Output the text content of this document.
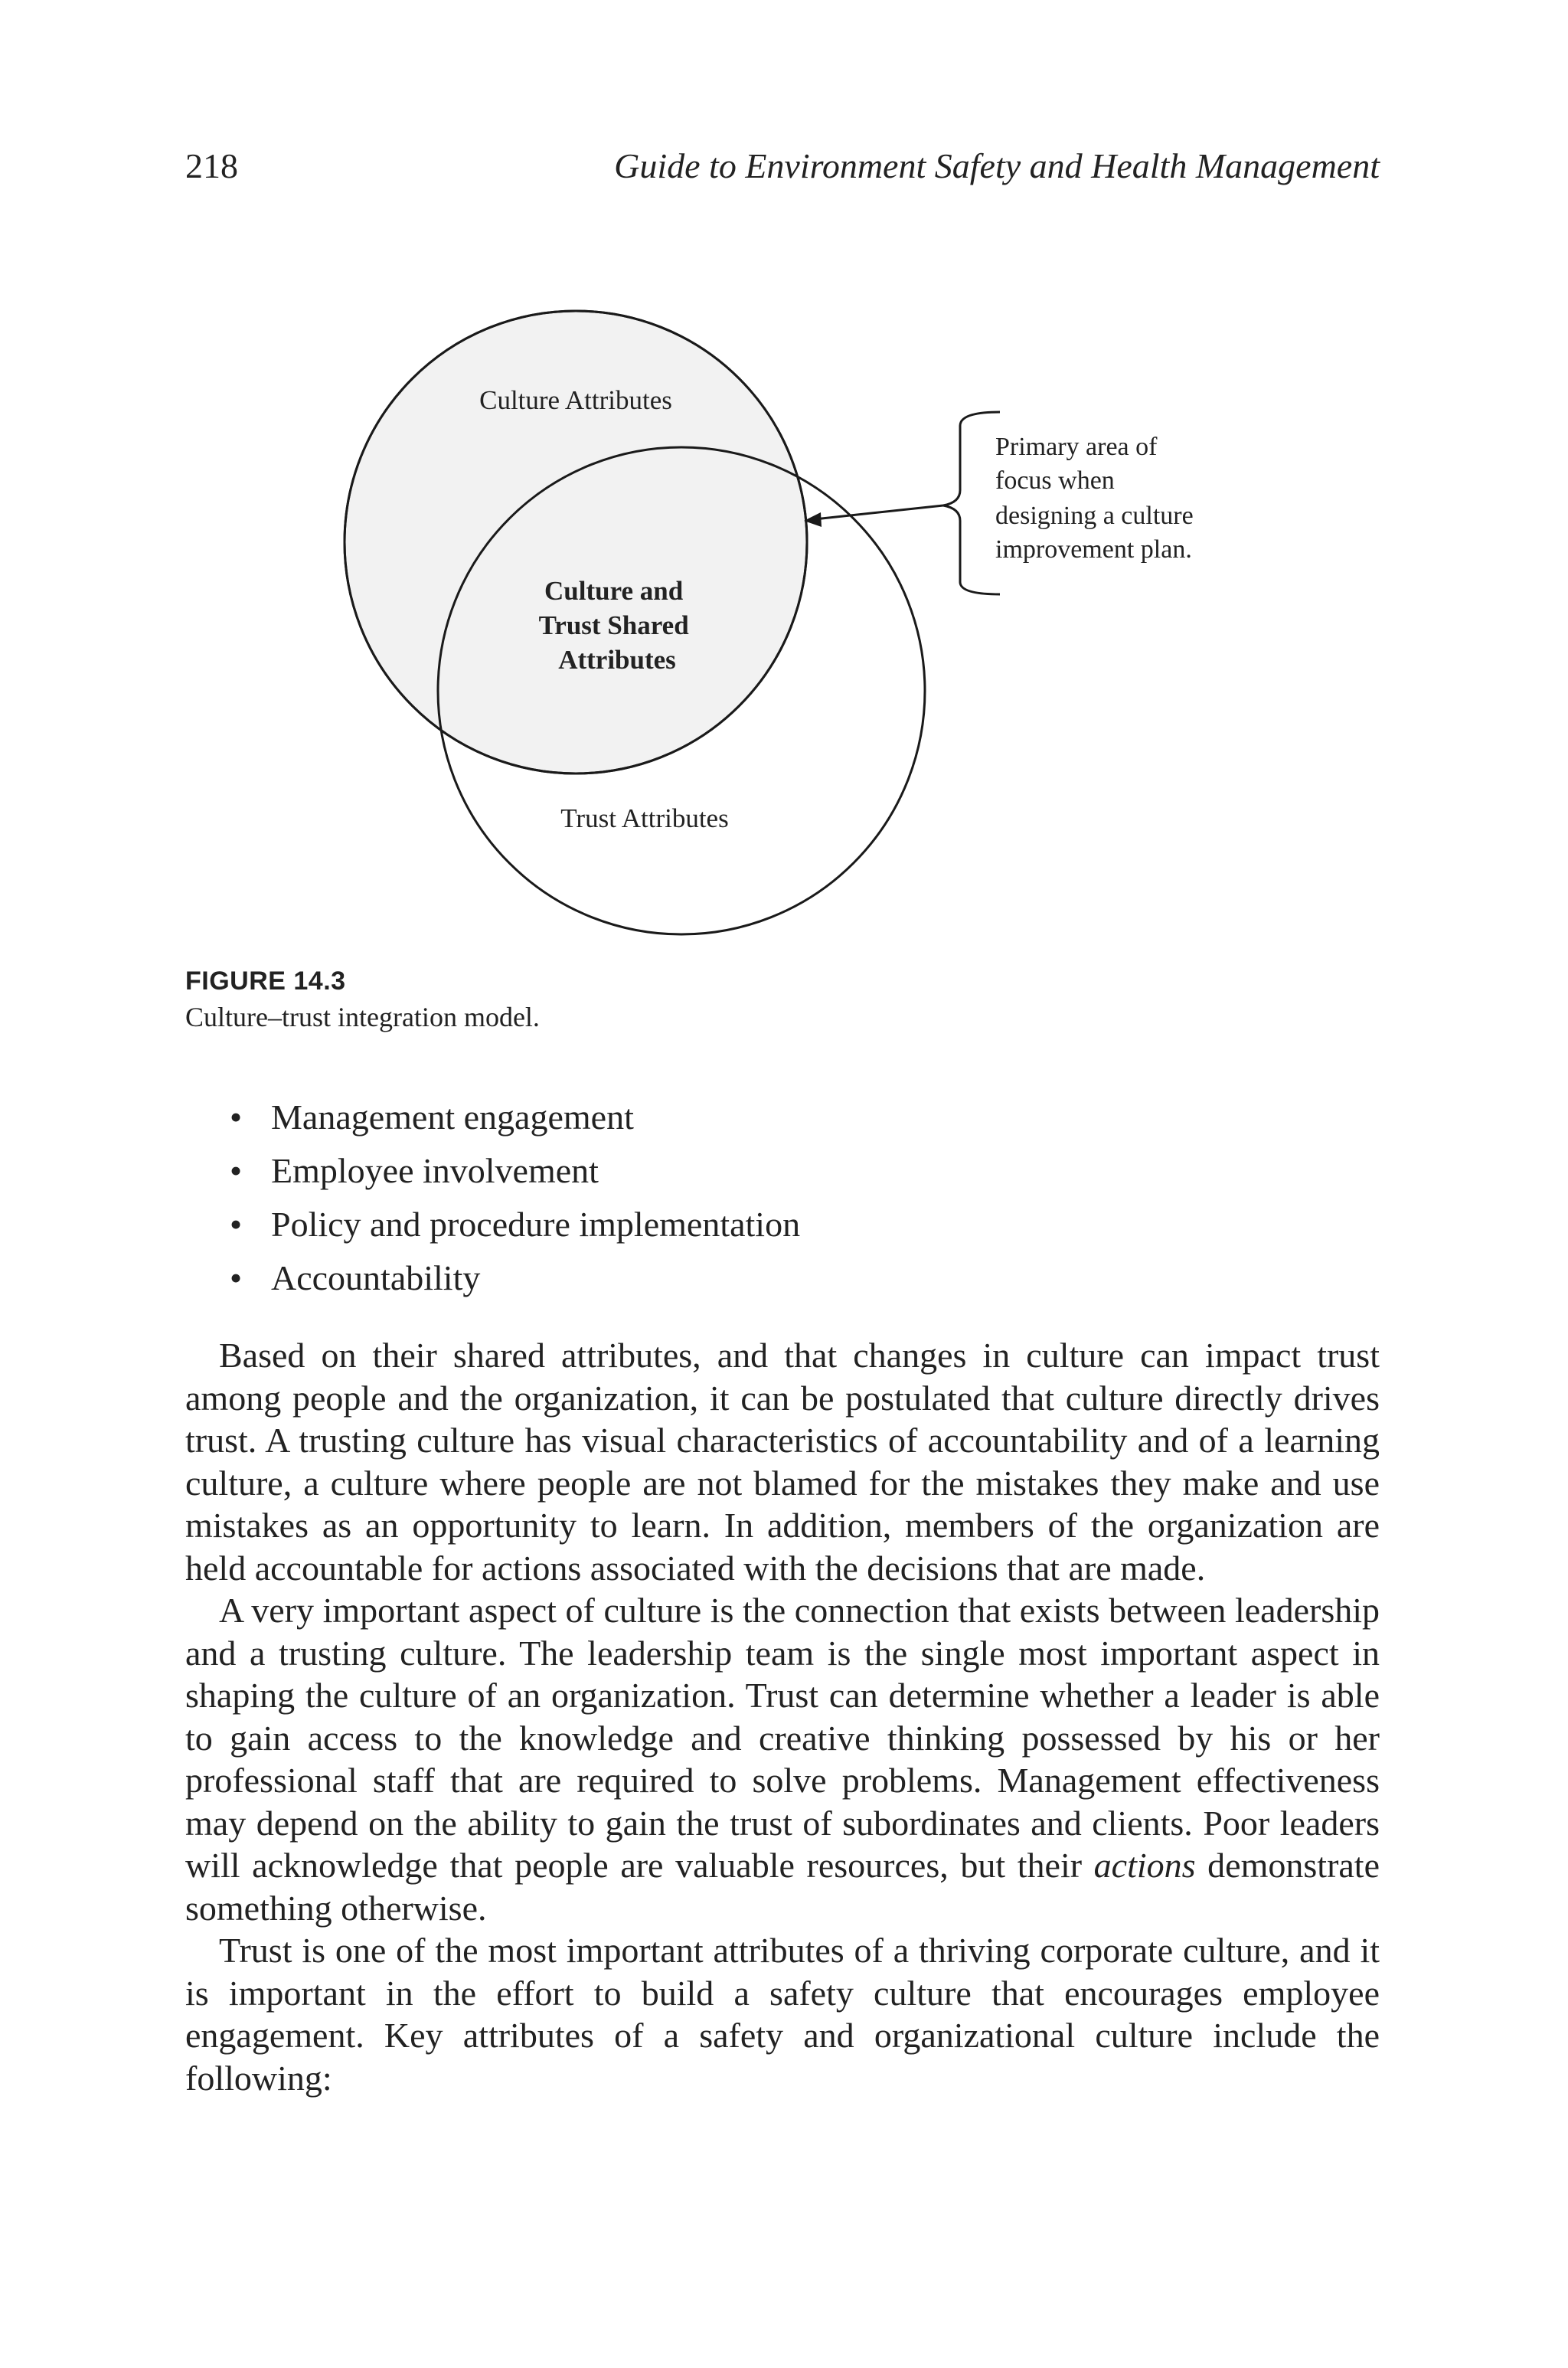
218	Guide to Environment Safety and Health Management
Culture Attributes
Culture and Trust Shared Attributes
Trust Attributes
Primary area of focus when designing a culture improvement plan.
FIGURE 14.3
Culture–trust integration model.
• Management engagement
• Employee involvement
• Policy and procedure implementation
• Accountability

Based on their shared attributes, and that changes in culture can impact trust among people and the organization, it can be postulated that culture directly drives trust. A trusting culture has visual characteristics of accountability and of a learning culture, a culture where people are not blamed for the mistakes they make and use mistakes as an opportunity to learn. In addition, members of the organization are held accountable for actions associated with the decisions that are made.

A very important aspect of culture is the connection that exists between leadership and a trusting culture. The leadership team is the single most important aspect in shaping the culture of an organization. Trust can determine whether a leader is able to gain access to the knowledge and creative thinking possessed by his or her professional staff that are required to solve problems. Management effectiveness may depend on the ability to gain the trust of subordinates and clients. Poor leaders will acknowledge that people are valuable resources, but their actions demonstrate something otherwise.

Trust is one of the most important attributes of a thriving corporate culture, and it is important in the effort to build a safety culture that encourages employee engagement. Key attributes of a safety and organizational culture include the following:
